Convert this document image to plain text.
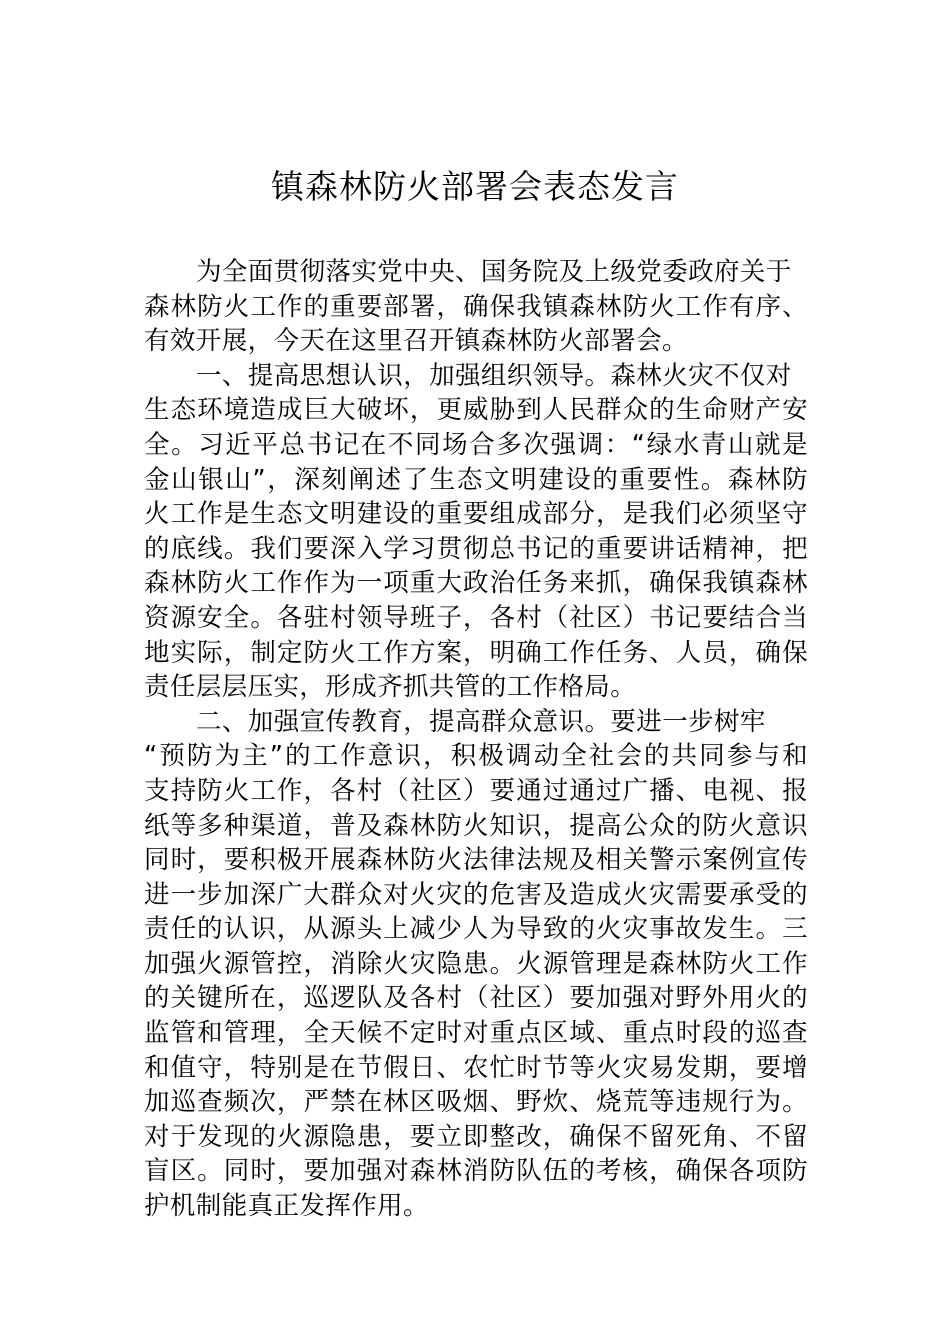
镇森林防火部署会表态发言
为全面贯彻落实党中央、国务院及上级党委政府关于
森林防火工作的重要部署，确保我镇森林防火工作有序、
有效开展，今天在这里召开镇森林防火部署会。
一、提高思想认识，加强组织领导。森林火灾不仅对
生态环境造成巨大破坏，更威胁到人民群众的生命财产安
全。习近平总书记在不同场合多次强调：“绿水青山就是
金山银山”，深刻阐述了生态文明建设的重要性。森林防
火工作是生态文明建设的重要组成部分，是我们必须坚守
的底线。我们要深入学习贯彻总书记的重要讲话精神，把
森林防火工作作为一项重大政治任务来抓，确保我镇森林
资源安全。各驻村领导班子，各村（社区）书记要结合当
地实际，制定防火工作方案，明确工作任务、人员，确保
责任层层压实，形成齐抓共管的工作格局。
二、加强宣传教育，提高群众意识。要进一步树牢
“预防为主”的工作意识，积极调动全社会的共同参与和
支持防火工作，各村（社区）要通过通过广播、电视、报
纸等多种渠道，普及森林防火知识，提高公众的防火意识
同时，要积极开展森林防火法律法规及相关警示案例宣传
进一步加深广大群众对火灾的危害及造成火灾需要承受的
责任的认识，从源头上减少人为导致的火灾事故发生。三
加强火源管控，消除火灾隐患。火源管理是森林防火工作
的关键所在，巡逻队及各村（社区）要加强对野外用火的
监管和管理，全天候不定时对重点区域、重点时段的巡查
和值守，特别是在节假日、农忙时节等火灾易发期，要增
加巡查频次，严禁在林区吸烟、野炊、烧荒等违规行为。
对于发现的火源隐患，要立即整改，确保不留死角、不留
盲区。同时，要加强对森林消防队伍的考核，确保各项防
护机制能真正发挥作用。
